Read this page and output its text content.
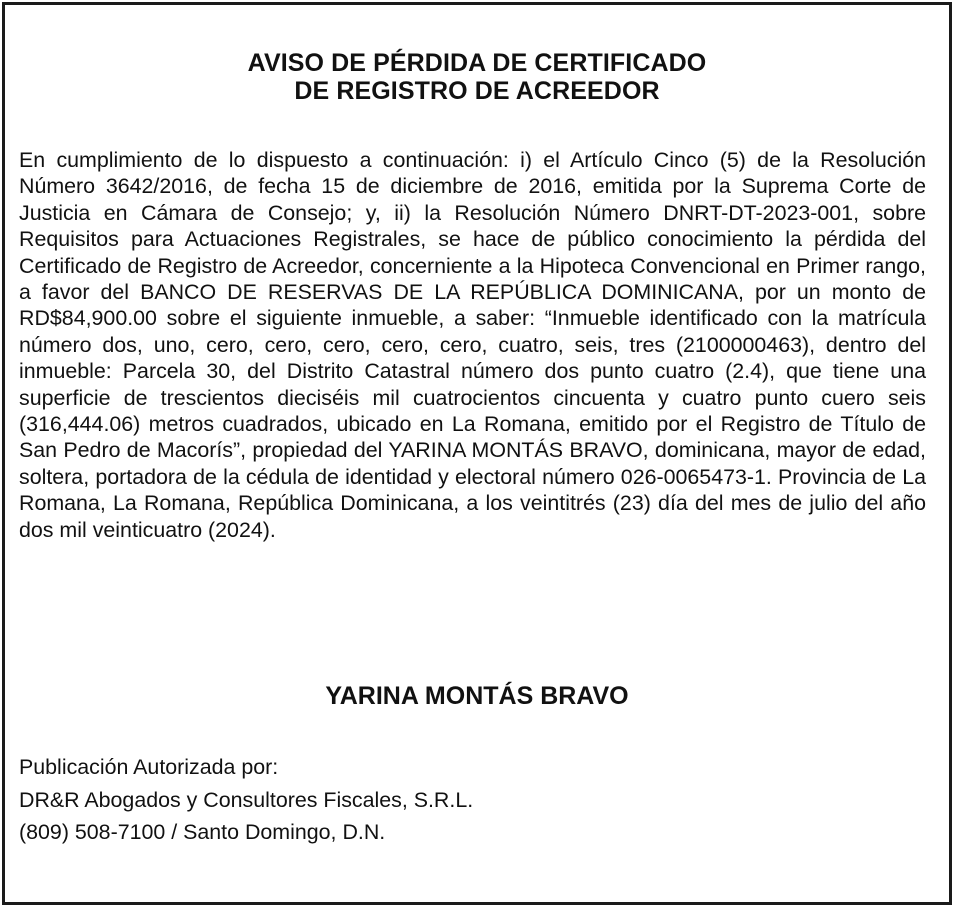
AVISO DE PÉRDIDA DE CERTIFICADO
DE REGISTRO DE ACREEDOR
En cumplimiento de lo dispuesto a continuación: i) el Artículo Cinco (5) de la Resolución Número 3642/2016, de fecha 15 de diciembre de 2016, emitida por la Suprema Corte de Justicia en Cámara de Consejo; y, ii) la Resolución Número DNRT-DT-2023-001, sobre Requisitos para Actuaciones Registrales, se hace de público conocimiento la pérdida del Certificado de Registro de Acreedor, concerniente a la Hipoteca Convencional en Primer rango, a favor del BANCO DE RESERVAS DE LA REPÚBLICA DOMINICANA, por un monto de RD$84,900.00 sobre el siguiente inmueble, a saber: “Inmueble identificado con la matrícula número dos, uno, cero, cero, cero, cero, cero, cuatro, seis, tres (2100000463), dentro del inmueble: Parcela 30, del Distrito Catastral número dos punto cuatro (2.4), que tiene una superficie de trescientos dieciséis mil cuatrocientos cincuenta y cuatro punto cuero seis (316,444.06) metros cuadrados, ubicado en La Romana, emitido por el Registro de Título de San Pedro de Macorís”, propiedad del YARINA MONTÁS BRAVO, dominicana, mayor de edad, soltera, portadora de la cédula de identidad y electoral número 026-0065473-1. Provincia de La Romana, La Romana, República Dominicana, a los veintitrés (23) día del mes de julio del año dos mil veinticuatro (2024).
YARINA MONTÁS BRAVO
Publicación Autorizada por:
DR&R Abogados y Consultores Fiscales, S.R.L.
(809) 508-7100 / Santo Domingo, D.N.
